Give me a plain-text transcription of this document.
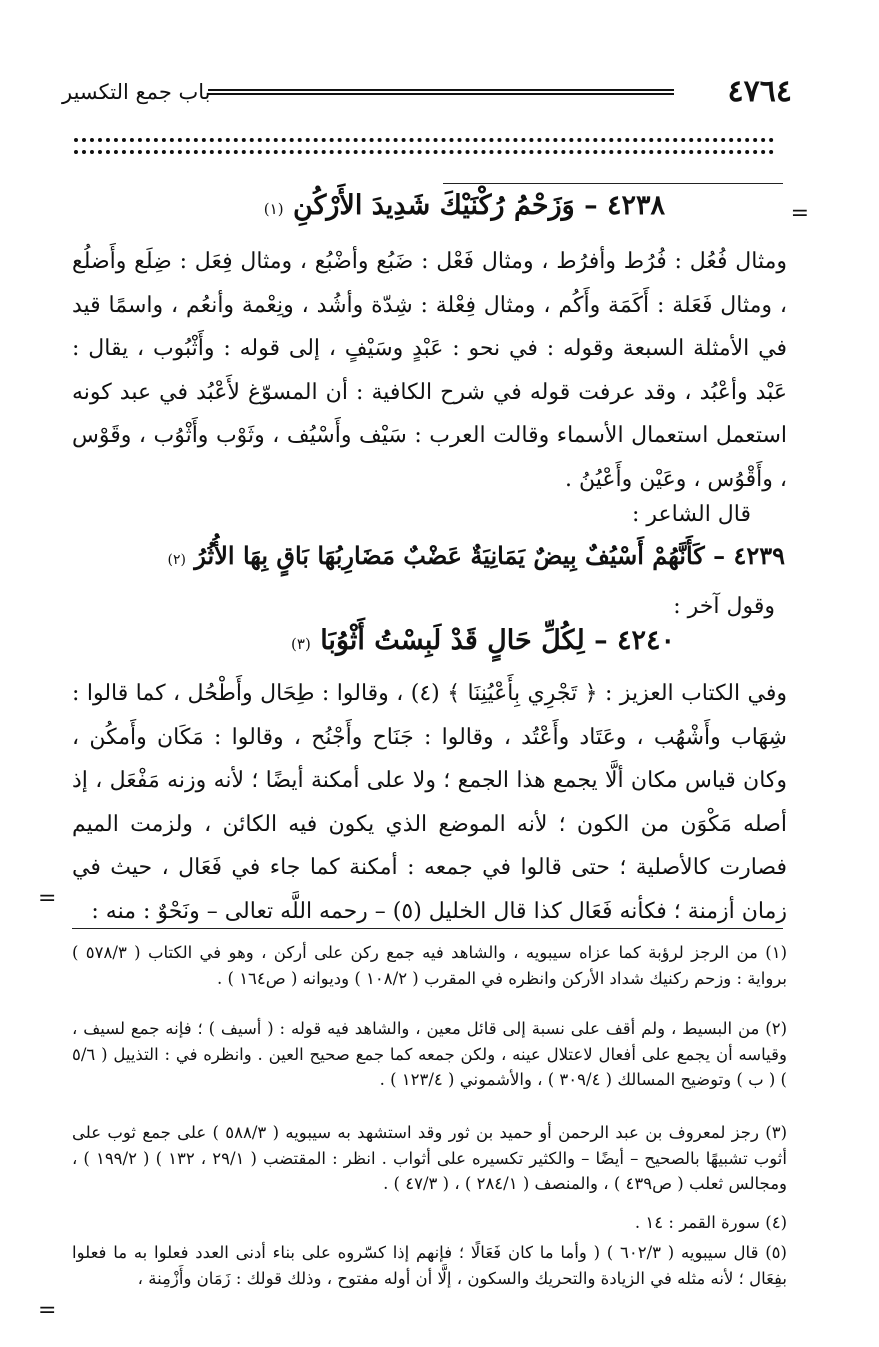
٤٧٦٤
باب جمع التكسير
=
٤٢٣٨ – وَزَحْمُ رُكْنَيْكَ شَدِيدَ الأَرْكُنِ (١)

ومثال فُعُل : فُرُط وأفرُط ، ومثال فَعْل : ضَبُع وأضْبُع ، ومثال فِعَل : ضِلَع وأَضلُع ، ومثال فَعَلة : أَكَمَة وأَكُم ، ومثال فِعْلة : شِدّة وأشُد ، ونِعْمة وأنعُم ، واسمًا قيد في الأمثلة السبعة وقوله : في نحو : عَبْدٍ وسَيْفٍ ، إلى قوله : وأَثْبُوب ، يقال : عَبْد وأعْبُد ، وقد عرفت قوله في شرح الكافية : أن المسوّغ لأَعْبُد في عبد كونه استعمل استعمال الأسماء وقالت العرب : سَيْف وأَسْيُف ، وثَوْب وأَثْوُب ، وقَوْس ، وأَقْوُس ، وعَيْن وأَعْيُنُ .

قال الشاعر :
٤٢٣٩ – كَأَنَّهُمْ أَسْيُفٌ بِيضٌ يَمَانِيَةٌ عَضْبٌ مَضَارِبُهَا بَاقٍ بِهَا الأُثُرُ (٢)
وقول آخر :
٤٢٤٠ – لِكُلِّ حَالٍ قَدْ لَبِسْتُ أَثْوُبَا (٣)

وفي الكتاب العزيز : ﴿ تَجْرِي بِأَعْيُنِنَا ﴾ (٤) ، وقالوا : طِحَال وأَطْحُل ، كما قالوا : شِهَاب وأَشْهُب ، وعَتَاد وأَعْتُد ، وقالوا : جَنَاح وأَجْنُح ، وقالوا : مَكَان وأَمكُن ، وكان قياس مكان ألَّا يجمع هذا الجمع ؛ ولا على أمكنة أيضًا ؛ لأنه وزنه مَفْعَل ، إذ أصله مَكْوَن من الكون ؛ لأنه الموضع الذي يكون فيه الكائن ، ولزمت الميم فصارت كالأصلية ؛ حتى قالوا في جمعه : أمكنة كما جاء في فَعَال ، حيث في زمان أزمنة ؛ فكأنه فَعَال كذا قال الخليل (٥) – رحمه اللَّه تعالى – ونَحْوٌ : منه :

=

(١) من الرجز لرؤبة كما عزاه سيبويه ، والشاهد فيه جمع ركن على أركن ، وهو في الكتاب ( ٥٧٨/٣ ) برواية : وزحم ركنيك شداد الأركن وانظره في المقرب ( ١٠٨/٢ ) وديوانه ( ص١٦٤ ) .

(٢) من البسيط ، ولم أقف على نسبة إلى قائل معين ، والشاهد فيه قوله : ( أسيف ) ؛ فإنه جمع لسيف ، وقياسه أن يجمع على أفعال لاعتلال عينه ، ولكن جمعه كما جمع صحيح العين . وانظره في : التذييل ( ٥/٦ ) ( ب ) وتوضيح المسالك ( ٣٠٩/٤ ) ، والأشموني ( ١٢٣/٤ ) .

(٣) رجز لمعروف بن عبد الرحمن أو حميد بن ثور وقد استشهد به سيبويه ( ٥٨٨/٣ ) على جمع ثوب على أثوب تشبيهًا بالصحيح – أيضًا – والكثير تكسيره على أثواب . انظر : المقتضب ( ٢٩/١ ، ١٣٢ ) ( ١٩٩/٢ ) ، ومجالس ثعلب ( ص٤٣٩ ) ، والمنصف ( ٢٨٤/١ ) ، ( ٤٧/٣ ) .

(٤) سورة القمر : ١٤ .

(٥) قال سيبويه ( ٦٠٢/٣ ) ( وأما ما كان فَعَالًا ؛ فإنهم إذا كسّروه على بناء أدنى العدد فعلوا به ما فعلوا بفِعَال ؛ لأنه مثله في الزيادة والتحريك والسكون ، إلَّا أن أوله مفتوح ، وذلك قولك : زَمَان وأَزْمِنة ،

=
